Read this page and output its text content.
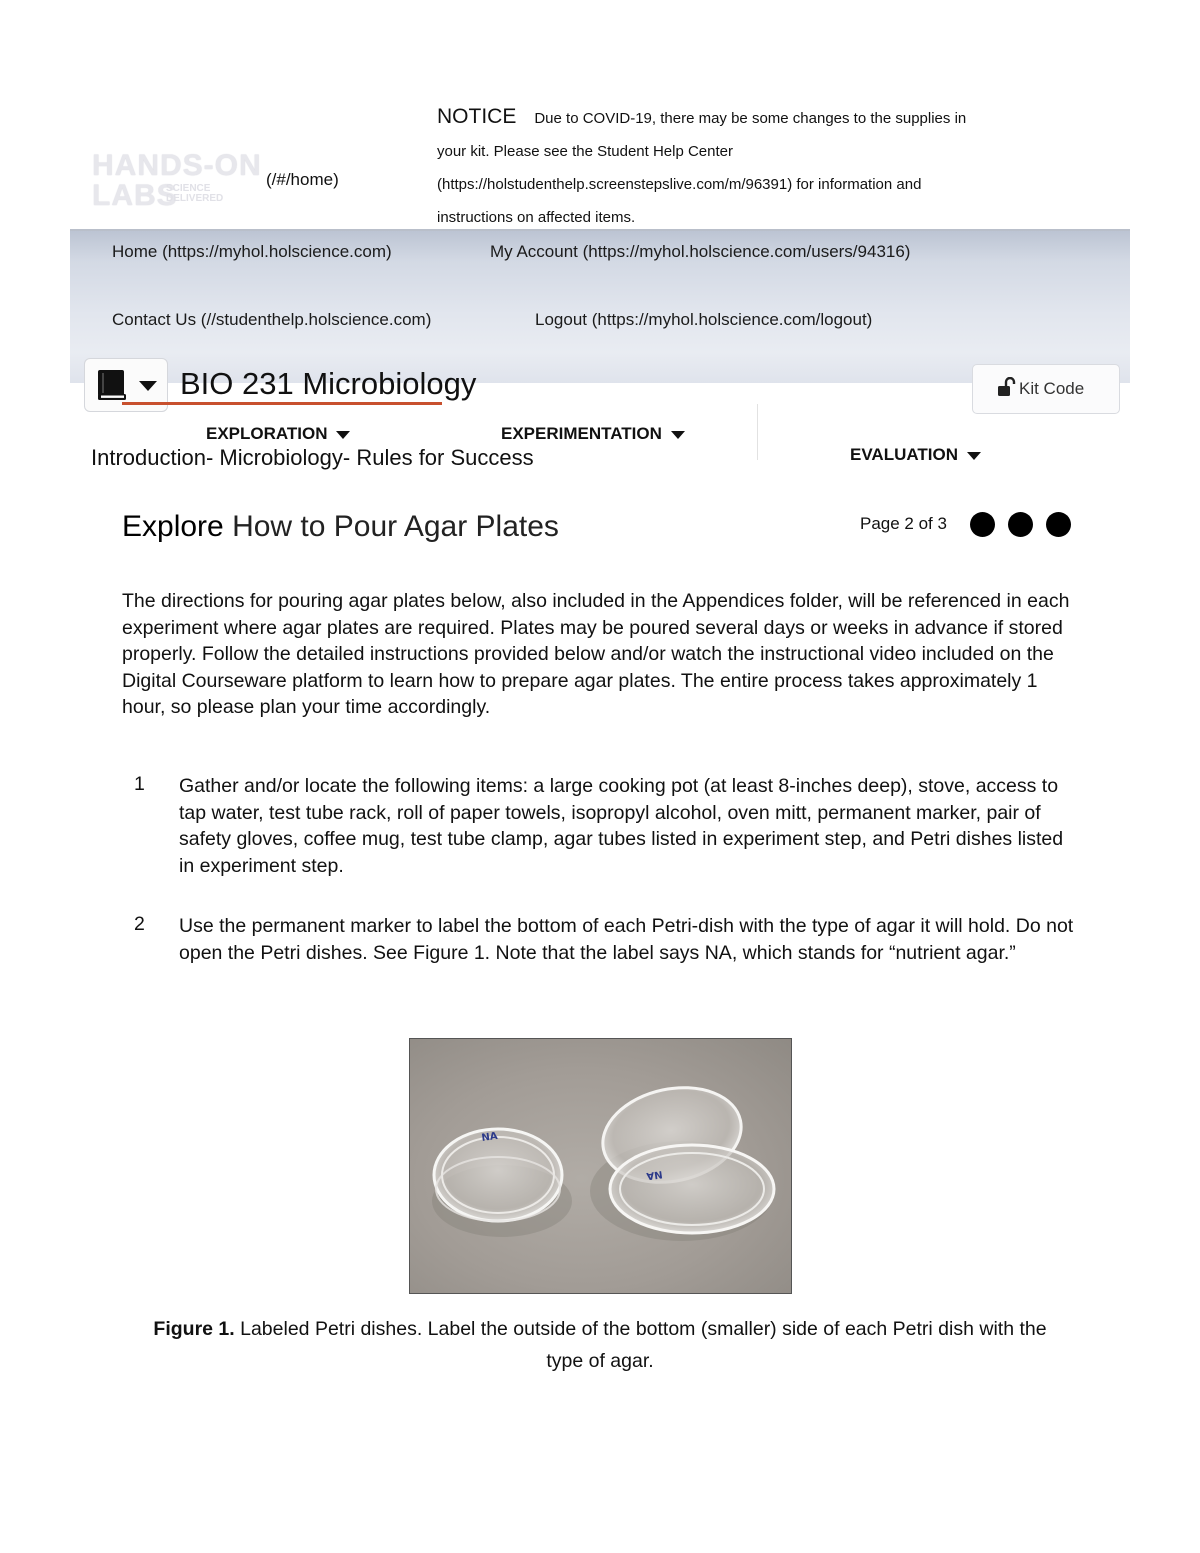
HANDS-ON
LABS
SCIENCE
DELIVERED
(/#/home)
NOTICE Due to COVID-19, there may be some changes to the supplies in your kit. Please see the Student Help Center (https://holstudenthelp.screenstepslive.com/m/96391) for information and instructions on affected items.
Home (https://myhol.holscience.com)	My Account (https://myhol.holscience.com/users/94316)
Contact Us (//studenthelp.holscience.com)	Logout (https://myhol.holscience.com/logout)
BIO 231 Microbiology	Kit Code
EXPLORATION	EXPERIMENTATION
EVALUATION
Introduction- Microbiology- Rules for Success
Explore How to Pour Agar Plates	Page 2 of 3
The directions for pouring agar plates below, also included in the Appendices folder, will be referenced in each experiment where agar plates are required. Plates may be poured several days or weeks in advance if stored properly. Follow the detailed instructions provided below and/or watch the instructional video included on the Digital Courseware platform to learn how to prepare agar plates. The entire process takes approximately 1 hour, so please plan your time accordingly.
1 Gather and/or locate the following items: a large cooking pot (at least 8-inches deep), stove, access to tap water, test tube rack, roll of paper towels, isopropyl alcohol, oven mitt, permanent marker, pair of safety gloves, coffee mug, test tube clamp, agar tubes listed in experiment step, and Petri dishes listed in experiment step.
2 Use the permanent marker to label the bottom of each Petri-dish with the type of agar it will hold. Do not open the Petri dishes. See Figure 1. Note that the label says NA, which stands for “nutrient agar.”
NA
NA
Figure 1. Labeled Petri dishes. Label the outside of the bottom (smaller) side of each Petri dish with the type of agar.
